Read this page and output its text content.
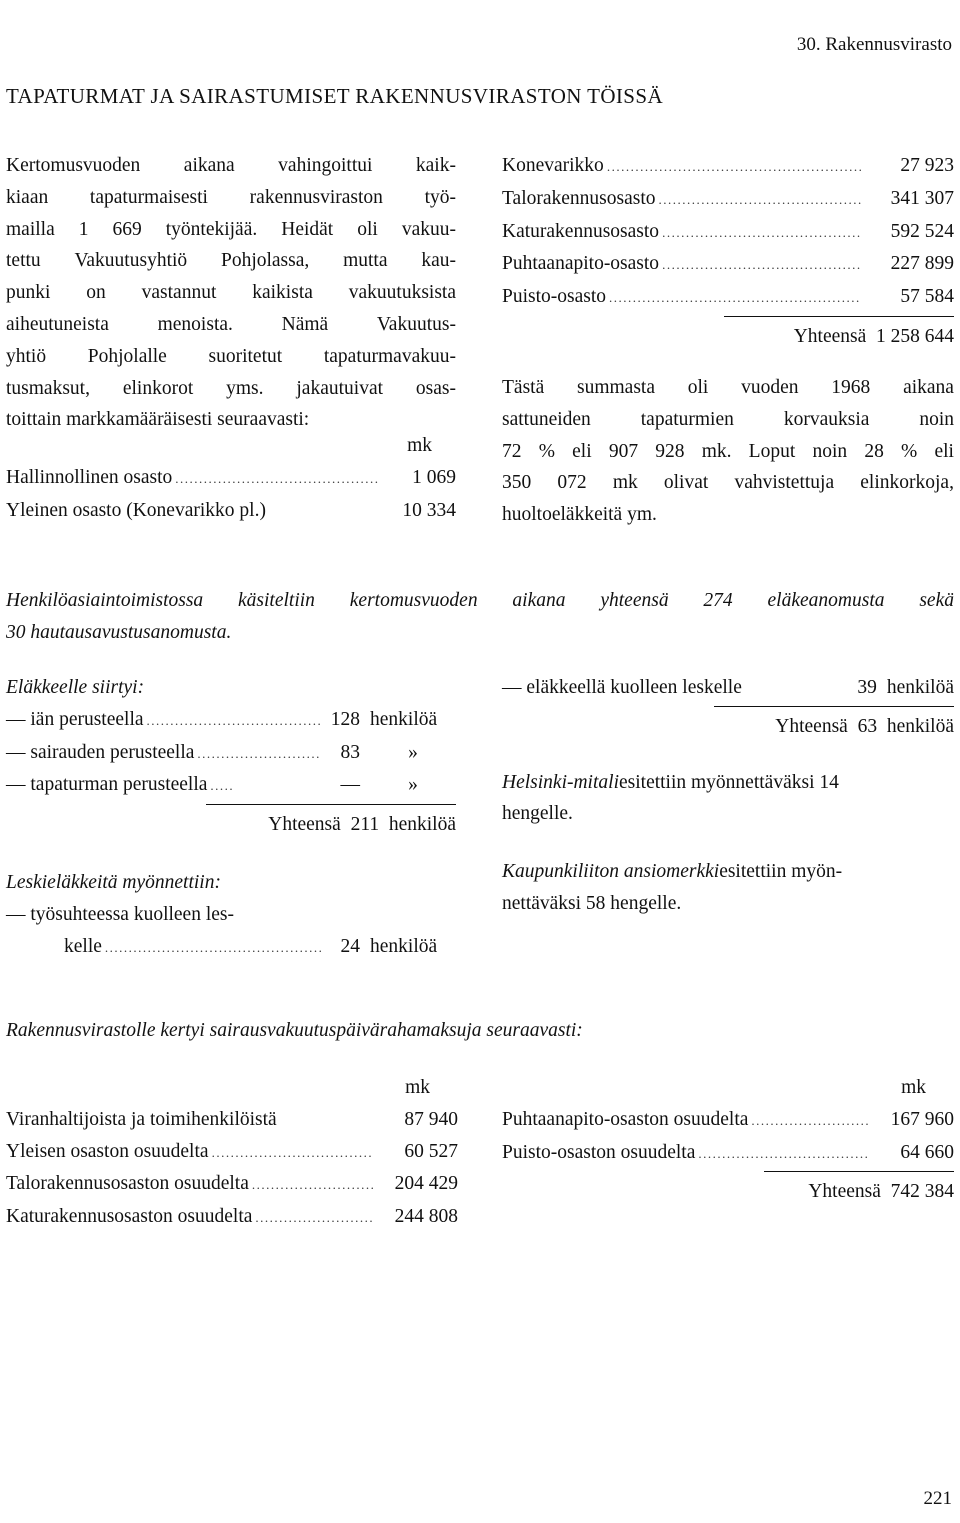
30. Rakennusvirasto
TAPATURMAT JA SAIRASTUMISET RAKENNUSVIRASTON TÖISSÄ
Kertomusvuoden aikana vahingoittui kaik-
kiaan tapaturmaisesti rakennusviraston työ-
mailla 1 669 työntekijää. Heidät oli vakuu-
tettu Vakuutusyhtiö Pohjolassa, mutta kau-
punki on vastannut kaikista vakuutuksista
aiheutuneista menoista. Nämä Vakuutus-
yhtiö Pohjolalle suoritetut tapaturmavakuu-
tusmaksut, elinkorot yms. jakautuivat osas-
toittain markkamääräisesti seuraavasti:
mk
Hallinnollinen osasto .....	1 069
Yleinen osasto (Konevarikko pl.)	10 334
Konevarikko .....	27 923
Talorakennusosasto .....	341 307
Katurakennusosasto .....	592 524
Puhtaanapito-osasto .....	227 899
Puisto-osasto .....	57 584
Yhteensä 1 258 644
Tästä summasta oli vuoden 1968 aikana
sattuneiden	tapaturmien	korvauksia	noin
72 % eli 907 928 mk. Loput noin 28 % eli
350 072 mk olivat vahvistettuja elinkorkoja,
huoltoeläkkeitä ym.
Henkilöasiaintoimistossa käsiteltiin kertomusvuoden aikana yhteensä 274 eläkeanomusta sekä
30 hautausavustusanomusta.
Eläkkeelle siirtyi:
— iän perusteella .....	128 henkilöä
— sairauden perusteella .....	83	»
— tapaturman perusteella .....	—	»
Yhteensä 211 henkilöä
Leskieläkkeitä myönnettiin:
— työsuhteessa kuolleen les-
kelle .....	24 henkilöä
— eläkkeellä kuolleen leskelle	39 henkilöä
Yhteensä 63 henkilöä
Helsinki-mitaliesitettiin myönnettäväksi 14
hengelle.
Kaupunkiliiton ansiomerkkiesitettiin myön-
nettäväksi 58 hengelle.
Rakennusvirastolle kertyi sairausvakuutuspäivärahamaksuja seuraavasti:
mk
Viranhaltijoista ja toimihenkilöistä	87 940
Yleisen osaston osuudelta .....	60 527
Talorakennusosaston osuudelta .....	204 429
Katurakennusosaston osuudelta .....	244 808
mk
Puhtaanapito-osaston osuudelta .....	167 960
Puisto-osaston osuudelta .....	64 660
Yhteensä 742 384
221
